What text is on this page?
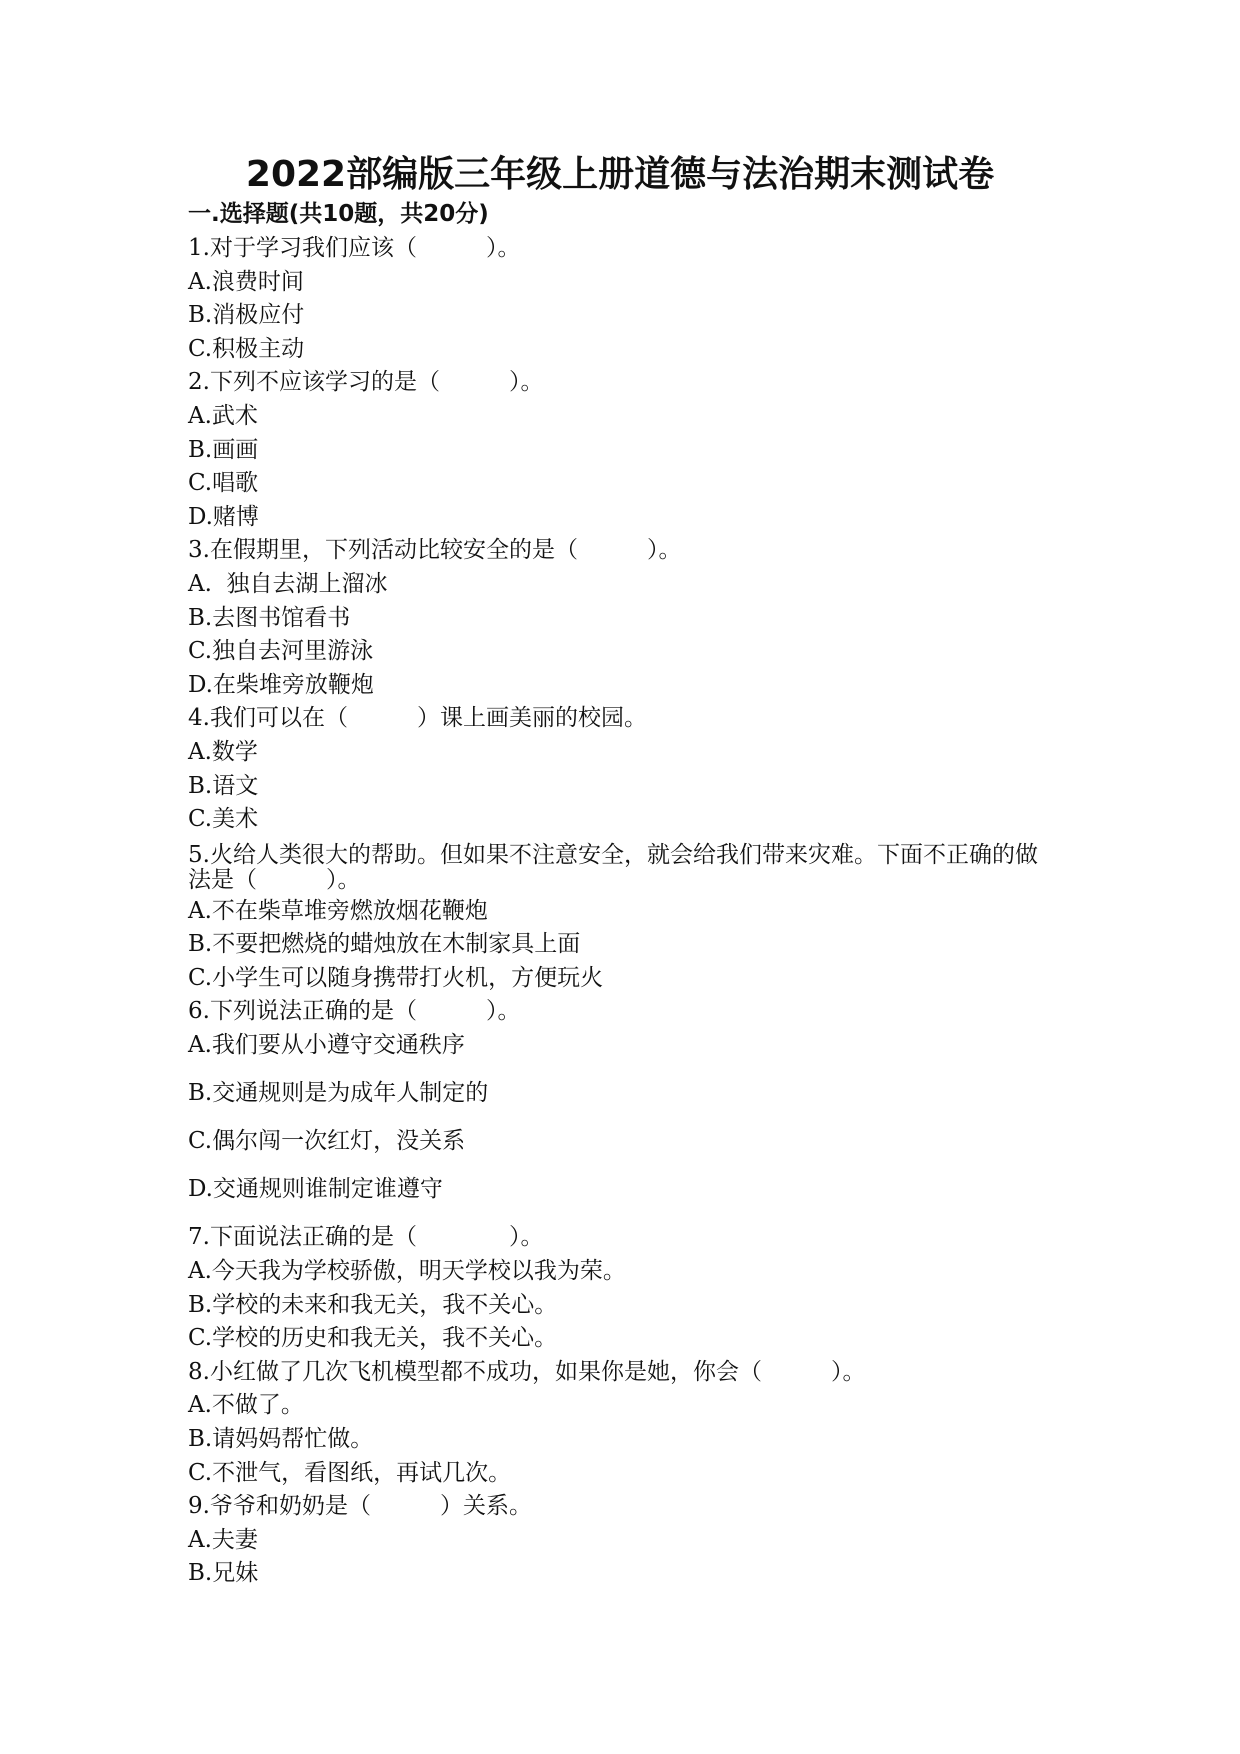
2022部编版三年级上册道德与法治期末测试卷
一.选择题(共10题，共20分)
1.对于学习我们应该（　　　）。
A.浪费时间
B.消极应付
C.积极主动
2.下列不应该学习的是（　　　）。
A.武术
B.画画
C.唱歌
D.赌博
3.在假期里，下列活动比较安全的是（　　　）。
A.  独自去湖上溜冰
B.去图书馆看书
C.独自去河里游泳
D.在柴堆旁放鞭炮
4.我们可以在（　　　）课上画美丽的校园。
A.数学
B.语文
C.美术
5.火给人类很大的帮助。但如果不注意安全，就会给我们带来灾难。下面不正确的做法是（　　　）。
A.不在柴草堆旁燃放烟花鞭炮
B.不要把燃烧的蜡烛放在木制家具上面
C.小学生可以随身携带打火机，方便玩火
6.下列说法正确的是（　　　）。
A.我们要从小遵守交通秩序
B.交通规则是为成年人制定的
C.偶尔闯一次红灯，没关系
D.交通规则谁制定谁遵守
7.下面说法正确的是（　　　　）。
A.今天我为学校骄傲，明天学校以我为荣。
B.学校的未来和我无关，我不关心。
C.学校的历史和我无关，我不关心。
8.小红做了几次飞机模型都不成功，如果你是她，你会（　　　）。
A.不做了。
B.请妈妈帮忙做。
C.不泄气，看图纸，再试几次。
9.爷爷和奶奶是（　　　）关系。
A.夫妻
B.兄妹
